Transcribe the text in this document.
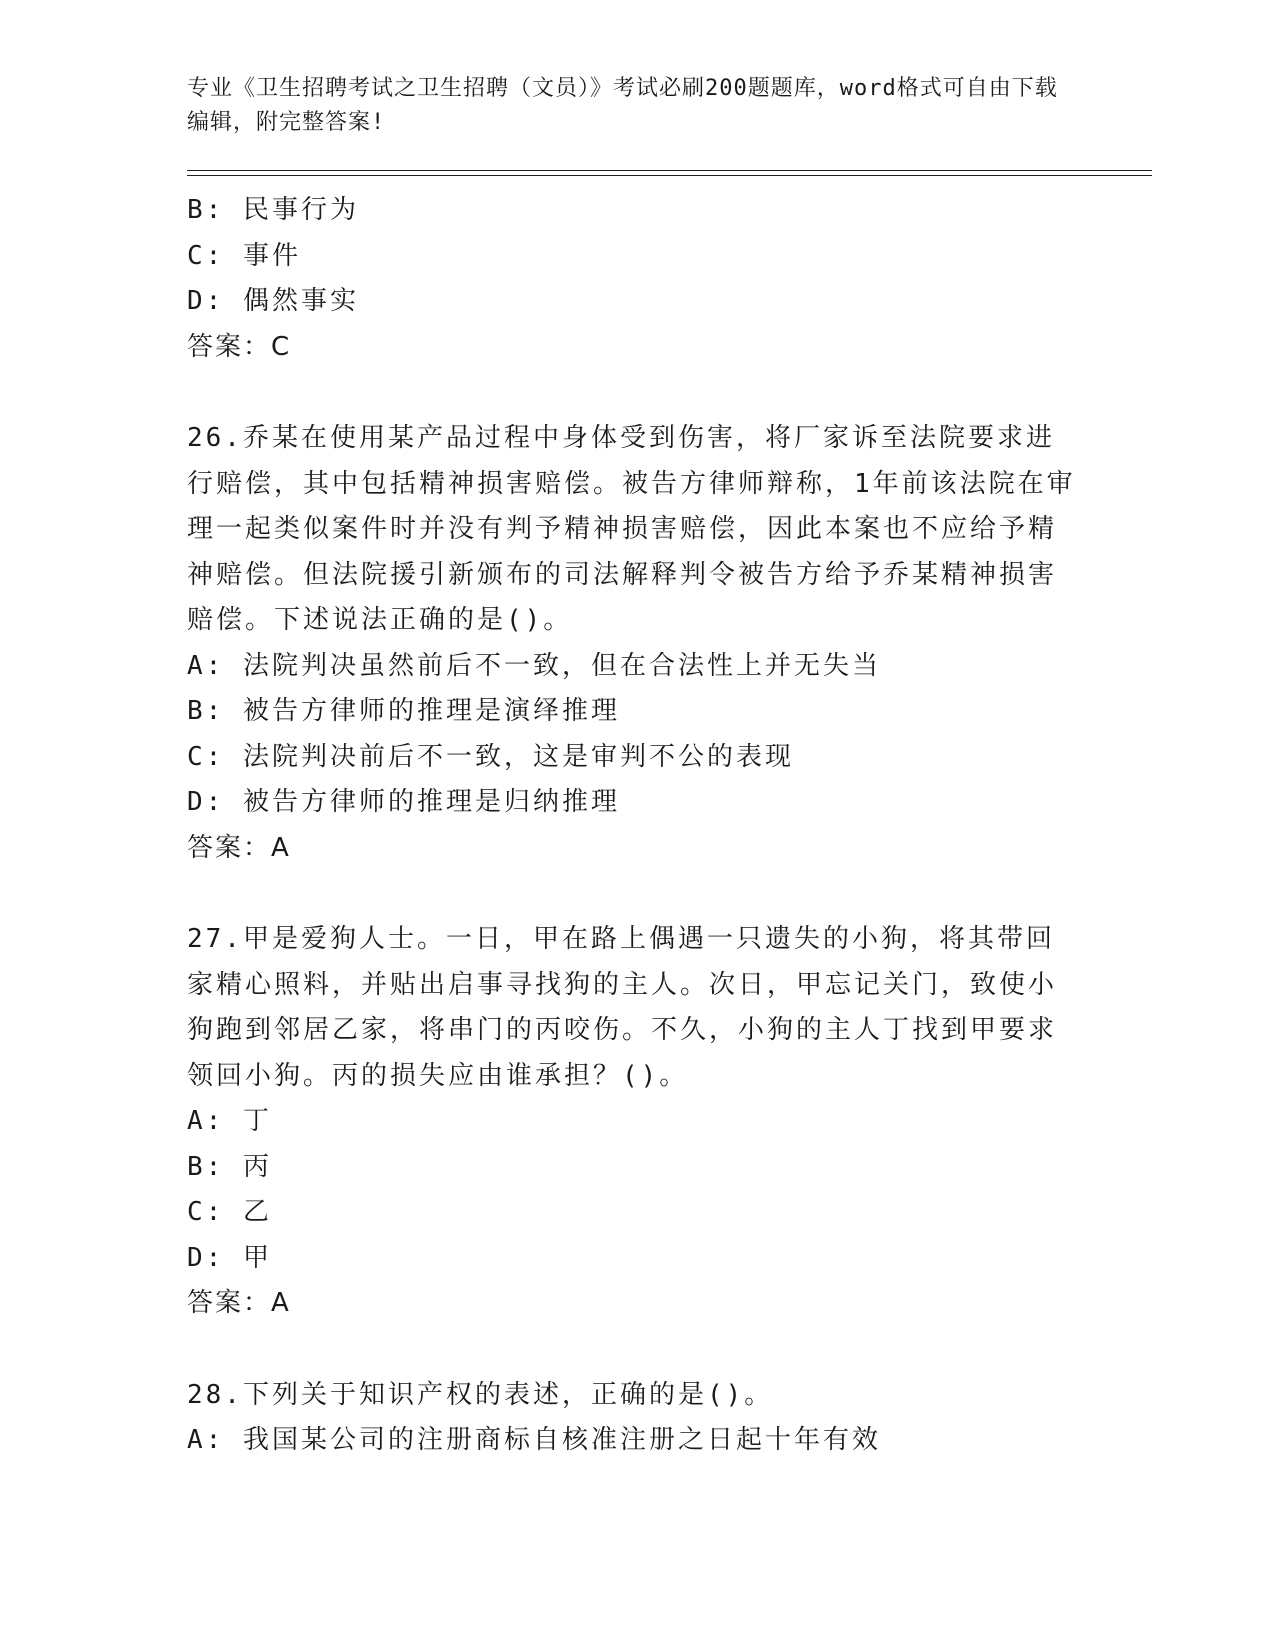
专业《卫生招聘考试之卫生招聘（文员）》考试必刷200题题库，word格式可自由下载编辑，附完整答案!
B: 民事行为
C: 事件
D: 偶然事实
答案：C
26.乔某在使用某产品过程中身体受到伤害，将厂家诉至法院要求进行赔偿，其中包括精神损害赔偿。被告方律师辩称，1年前该法院在审理一起类似案件时并没有判予精神损害赔偿，因此本案也不应给予精神赔偿。但法院援引新颁布的司法解释判令被告方给予乔某精神损害赔偿。下述说法正确的是()。
A: 法院判决虽然前后不一致，但在合法性上并无失当
B: 被告方律师的推理是演绎推理
C: 法院判决前后不一致，这是审判不公的表现
D: 被告方律师的推理是归纳推理
答案：A
27.甲是爱狗人士。一日，甲在路上偶遇一只遗失的小狗，将其带回家精心照料，并贴出启事寻找狗的主人。次日，甲忘记关门，致使小狗跑到邻居乙家，将串门的丙咬伤。不久，小狗的主人丁找到甲要求领回小狗。丙的损失应由谁承担？()。
A: 丁
B: 丙
C: 乙
D: 甲
答案：A
28.下列关于知识产权的表述，正确的是()。
A: 我国某公司的注册商标自核准注册之日起十年有效
